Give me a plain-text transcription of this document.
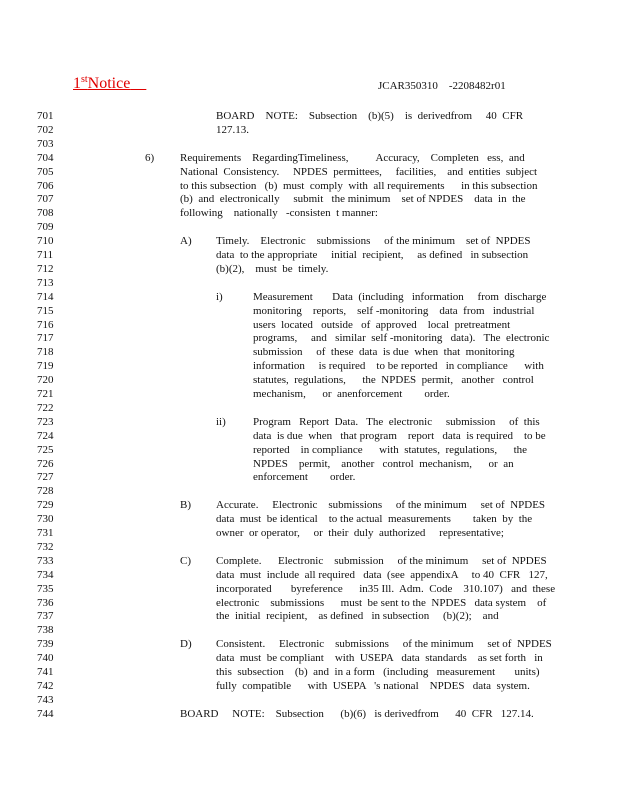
1stNotice	JCAR350310    -2208482r01
701	BOARD    NOTE:    Subsection    (b)(5)    is  derivedfrom     40  CFR
702	127.13.
703
704	6) Requirements    RegardingTimeliness,          Accuracy,    Completen   ess,  and
705	National  Consistency.     NPDES  permittees,     facilities,    and  entities  subject
706	to this subsection   (b)  must  comply  with  all requirements      in this subsection
707	(b)  and  electronically     submit   the minimum    set of NPDES    data  in  the
708	following    nationally   -consisten  t manner:
709
710	A) Timely.    Electronic    submissions     of the minimum    set of  NPDES
711	data  to the appropriate     initial  recipient,     as defined   in subsection
712	(b)(2),    must  be  timely.
713
714	i)	Measurement       Data  (including   information     from  discharge
715	monitoring    reports,    self -monitoring    data  from   industrial
716	users  located   outside   of  approved    local  pretreatment
717	programs,     and   similar  self -monitoring   data).   The  electronic
718	submission     of  these  data  is due  when  that  monitoring
719	information     is required    to be reported   in compliance      with
720	statutes,  regulations,      the  NPDES  permit,   another   control
721	mechanism,      or  anenforcement        order.
722
723	ii) Program   Report  Data.   The  electronic     submission     of  this
724	data  is due  when   that program    report   data  is required    to be
725	reported    in compliance      with  statutes,  regulations,      the
726	NPDES    permit,    another   control  mechanism,      or  an
727	enforcement        order.
728
729	B) Accurate.     Electronic    submissions     of the minimum     set of  NPDES
730	data  must  be identical    to the actual  measurements        taken  by  the
731	owner  or operator,     or  their  duly  authorized     representative;
732
733	C) Complete.      Electronic    submission     of the minimum     set of  NPDES
734	data  must  include  all required   data  (see  appendixA     to 40  CFR   127,
735	incorporated       byreference      in35 Ill.  Adm.  Code    310.107)   and  these
736	electronic    submissions      must  be sent to the  NPDES   data system    of
737	the  initial  recipient,    as defined   in subsection     (b)(2);    and
738
739	D) Consistent.     Electronic    submissions     of the minimum     set of  NPDES
740	data  must  be compliant    with  USEPA   data  standards    as set forth   in
741	this  subsection    (b)  and  in a form   (including   measurement       units)
742	fully  compatible      with  USEPA   's national    NPDES   data  system.
743
744	BOARD     NOTE:    Subsection      (b)(6)   is derivedfrom      40  CFR   127.14.
